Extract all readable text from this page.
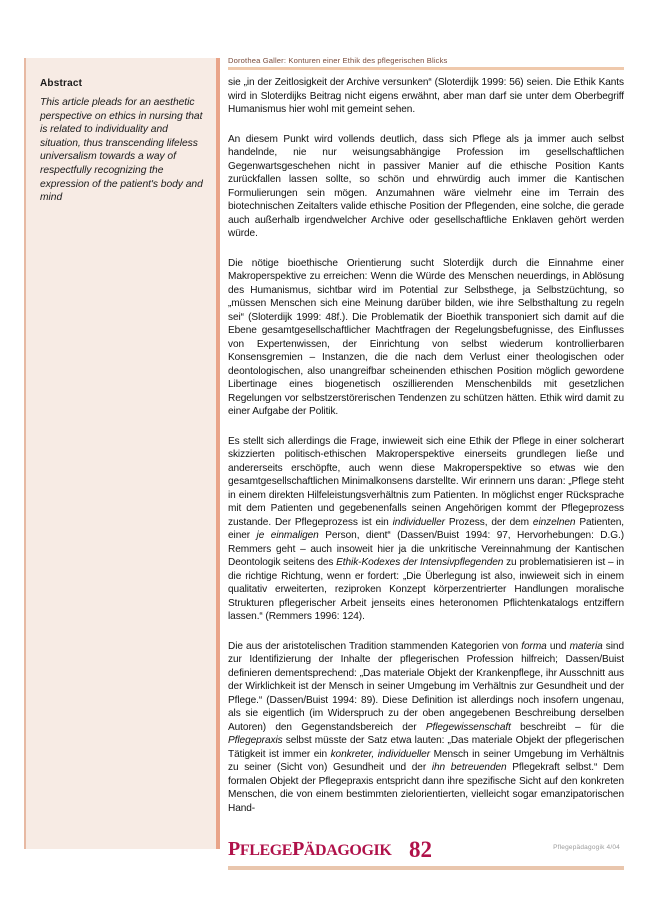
Abstract
This article pleads for an aesthetic perspective on ethics in nursing that is related to individuality and situation, thus transcending lifeless universalism towards a way of respectfully recognizing the expression of the patient's body and mind
Dorothea Galler: Konturen einer Ethik des pflegerischen Blicks

sie „in der Zeitlosigkeit der Archive versunken“ (Sloterdijk 1999: 56) seien. Die Ethik Kants wird in Sloterdijks Beitrag nicht eigens erwähnt, aber man darf sie unter dem Oberbegriff Humanismus hier wohl mit gemeint sehen.

An diesem Punkt wird vollends deutlich, dass sich Pflege als ja immer auch selbst handelnde, nie nur weisungsabhängige Profession im gesellschaftlichen Gegenwartsgeschehen nicht in passiver Manier auf die ethische Position Kants zurückfallen lassen sollte, so schön und ehrwürdig auch immer die Kantischen Formulierungen sein mögen. Anzumahnen wäre vielmehr eine im Terrain des biotechnischen Zeitalters valide ethische Position der Pflegenden, eine solche, die gerade auch außerhalb irgendwelcher Archive oder gesellschaftliche Enklaven gehört werden würde.

Die nötige bioethische Orientierung sucht Sloterdijk durch die Einnahme einer Makroperspektive zu erreichen: Wenn die Würde des Menschen neuerdings, in Ablösung des Humanismus, sichtbar wird im Potential zur Selbsthege, ja Selbstzüchtung, so „müssen Menschen sich eine Meinung darüber bilden, wie ihre Selbsthaltung zu regeln sei“ (Sloterdijk 1999: 48f.). Die Problematik der Bioethik transponiert sich damit auf die Ebene gesamtgesellschaftlicher Machtfragen der Regelungsbefugnisse, des Einflusses von Expertenwissen, der Einrichtung von selbst wiederum kontrollierbaren Konsensgremien – Instanzen, die die nach dem Verlust einer theologischen oder deontologischen, also unangreifbar scheinenden ethischen Position möglich gewordene Libertinage eines biogenetisch oszillierenden Menschenbilds mit gesetzlichen Regelungen vor selbstzerstörerischen Tendenzen zu schützen hätten. Ethik wird damit zu einer Aufgabe der Politik.

Es stellt sich allerdings die Frage, inwieweit sich eine Ethik der Pflege in einer solcherart skizzierten politisch-ethischen Makroperspektive einerseits grundlegen ließe und andererseits erschöpfte, auch wenn diese Makroperspektive so etwas wie den gesamtgesellschaftlichen Minimalkonsens darstellte. Wir erinnern uns daran: „Pflege steht in einem direkten Hilfeleistungsverhältnis zum Patienten. In möglichst enger Rücksprache mit dem Patienten und gegebenenfalls seinen Angehörigen kommt der Pflegeprozess zustande. Der Pflegeprozess ist ein individueller Prozess, der dem einzelnen Patienten, einer je einmaligen Person, dient“ (Dassen/Buist 1994: 97, Hervorhebungen: D.G.) Remmers geht – auch insoweit hier ja die unkritische Vereinnahmung der Kantischen Deontologik seitens des Ethik-Kodexes der Intensivpflegenden zu problematisieren ist – in die richtige Richtung, wenn er fordert: „Die Überlegung ist also, inwieweit sich in einem qualitativ erweiterten, reziproken Konzept körperzentrierter Handlungen moralische Strukturen pflegerischer Arbeit jenseits eines heteronomen Pflichtenkatalogs entziffern lassen.“ (Remmers 1996: 124).

Die aus der aristotelischen Tradition stammenden Kategorien von forma und materia sind zur Identifizierung der Inhalte der pflegerischen Profession hilfreich; Dassen/Buist definieren dementsprechend: „Das materiale Objekt der Krankenpflege, ihr Ausschnitt aus der Wirklichkeit ist der Mensch in seiner Umgebung im Verhältnis zur Gesundheit und der Pflege.“ (Dassen/Buist 1994: 89). Diese Definition ist allerdings noch insofern ungenau, als sie eigentlich (im Widerspruch zu der oben angegebenen Beschreibung derselben Autoren) den Gegenstandsbereich der Pflegewissenschaft beschreibt – für die Pflegepraxis selbst müsste der Satz etwa lauten: „Das materiale Objekt der pflegerischen Tätigkeit ist immer ein konkreter, individueller Mensch in seiner Umgebung im Verhältnis zu seiner (Sicht von) Gesundheit und der ihn betreuenden Pflegekraft selbst.“ Dem formalen Objekt der Pflegepraxis entspricht dann ihre spezifische Sicht auf den konkreten Menschen, die von einem bestimmten zielorientierten, vielleicht sogar emanzipatorischen Hand-

PFLEGEPÄDAGOGIK 82	Pflegepädagogik 4/04
